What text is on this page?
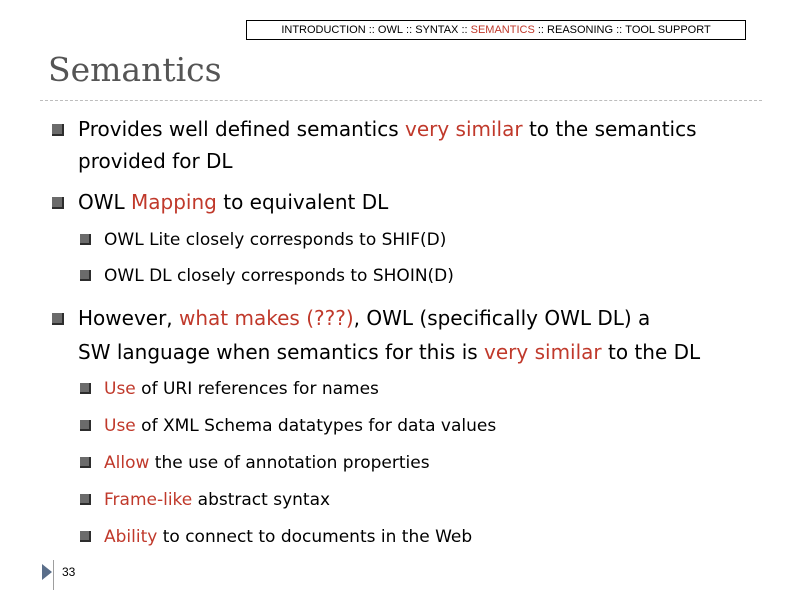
INTRODUCTION :: OWL :: SYNTAX :: SEMANTICS :: REASONING :: TOOL SUPPORT
Semantics
Provides well defined semantics very similar to the semantics
provided for DL
OWL Mapping to equivalent DL
OWL Lite closely corresponds to SHIF(D)
OWL DL closely corresponds to SHOIN(D)
However, what makes (???), OWL (specifically OWL DL) a
SW language when semantics for this is very similar to the DL
Use of URI references for names
Use of XML Schema datatypes for data values
Allow the use of annotation properties
Frame-like abstract syntax
Ability to connect to documents in the Web
33
